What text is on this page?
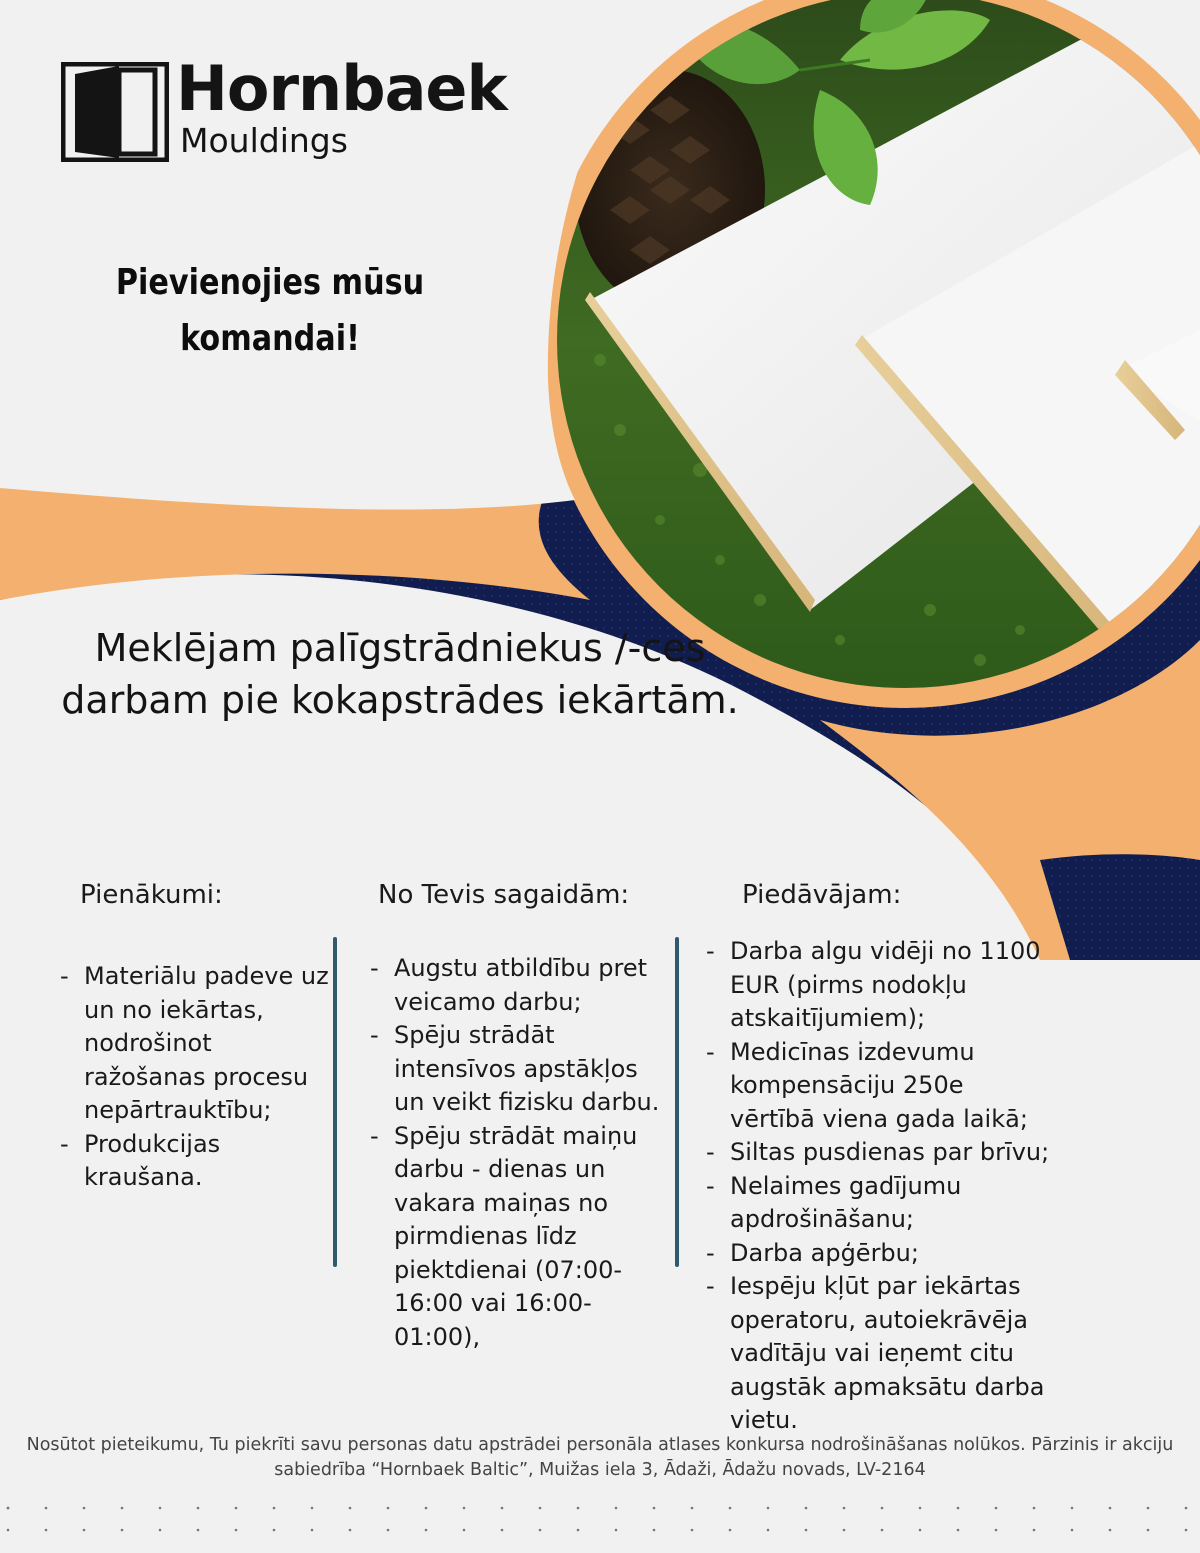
Hornbaek
Mouldings
Pievienojies mūsu komandai!
Meklējam palīgstrādniekus /-ces darbam pie kokapstrādes iekārtām.
Pienākumi:
- Materiālu padeve uz un no iekārtas, nodrošinot ražošanas procesu nepārtrauktību;
- Produkcijas kraušana.
No Tevis sagaidām:
- Augstu atbildību pret veicamo darbu;
- Spēju strādāt intensīvos apstākļos un veikt fizisku darbu.
- Spēju strādāt maiņu darbu - dienas un vakara maiņas no pirmdienas līdz piektdienai (07:00-16:00 vai 16:00-01:00),
Piedāvājam:
- Darba algu vidēji no 1100 EUR (pirms nodokļu atskaitījumiem);
- Medicīnas izdevumu kompensāciju 250e vērtībā viena gada laikā;
- Siltas pusdienas par brīvu;
- Nelaimes gadījumu apdrošināšanu;
- Darba apģērbu;
- Iespēju kļūt par iekārtas operatoru, autoiekrāvēja vadītāju vai ieņemt citu augstāk apmaksātu darba vietu.
Nosūtot pieteikumu, Tu piekrīti savu personas datu apstrādei personāla atlases konkursa nodrošināšanas nolūkos. Pārzinis ir akciju sabiedrība “Hornbaek Baltic”, Muižas iela 3, Ādaži, Ādažu novads, LV-2164
